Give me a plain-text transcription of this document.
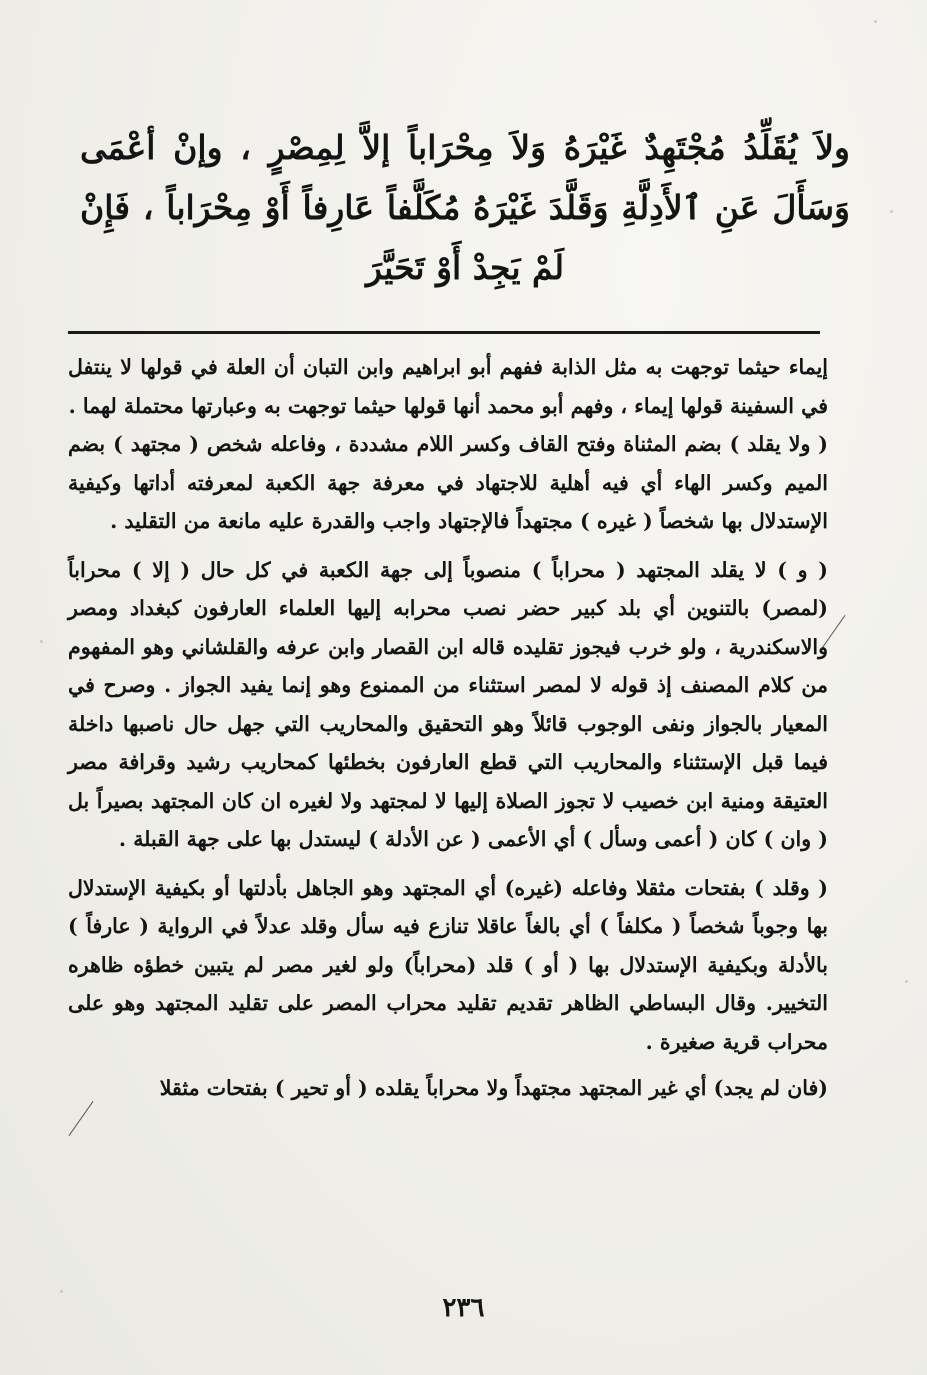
ولاَ يُقَلِّدُ مُجْتَهِدٌ غَيْرَهُ وَلاَ مِحْرَاباً إلاَّ لِمِصْرٍ ، وإنْ أعْمَى وَسَأَلَ عَنِ ٱلأَدِلَّةِ وَقَلَّدَ غَيْرَهُ مُكَلَّفاً عَارِفاً أَوْ مِحْرَاباً ، فَإِنْ لَمْ يَجِدْ أَوْ تَحَيَّرَ

إيماء حيثما توجهت به مثل الذابة ففهم أبو ابراهيم وابن التبان أن العلة في قولها لا ينتفل في السفينة قولها إيماء ، وفهم أبو محمد أنها قولها حيثما توجهت به وعبارتها محتملة لهما .

( ولا يقلد ) بضم المثناة وفتح القاف وكسر اللام مشددة ، وفاعله شخص ( مجتهد ) بضم الميم وكسر الهاء أي فيه أهلية للاجتهاد في معرفة جهة الكعبة لمعرفته أداتها وكيفية الإستدلال بها شخصاً ( غيره ) مجتهداً فالإجتهاد واجب والقدرة عليه مانعة من التقليد .

( و ) لا يقلد المجتهد ( محراباً ) منصوباً إلى جهة الكعبة في كل حال ( إلا ) محراباً (لمصر) بالتنوين أي بلد كبير حضر نصب محرابه إليها العلماء العارفون كبغداد ومصر والاسكندرية ، ولو خرب فيجوز تقليده قاله ابن القصار وابن عرفه والقلشاني وهو المفهوم من كلام المصنف إذ قوله لا لمصر استثناء من الممنوع وهو إنما يفيد الجواز . وصرح في المعيار بالجواز ونفى الوجوب قائلاً وهو التحقيق والمحاريب التي جهل حال ناصبها داخلة فيما قبل الإستثناء والمحاريب التي قطع العارفون بخطئها كمحاريب رشيد وقرافة مصر العتيقة ومنية ابن خصيب لا تجوز الصلاة إليها لا لمجتهد ولا لغيره ان كان المجتهد بصيراً بل ( وان ) كان ( أعمى وسأل ) أي الأعمى ( عن الأدلة ) ليستدل بها على جهة القبلة .

( وقلد ) بفتحات مثقلا وفاعله (غيره) أي المجتهد وهو الجاهل بأدلتها أو بكيفية الإستدلال بها وجوباً شخصاً ( مكلفاً ) أي بالغاً عاقلا تنازع فيه سأل وقلد عدلاً في الرواية ( عارفاً ) بالأدلة وبكيفية الإستدلال بها ( أو ) قلد (محراباً) ولو لغير مصر لم يتبين خطؤه ظاهره التخيير. وقال البساطي الظاهر تقديم تقليد محراب المصر على تقليد المجتهد وهو على محراب قرية صغيرة .

(فان لم يجد) أي غير المجتهد مجتهداً ولا محراباً يقلده ( أو تحير ) بفتحات مثقلا

٢٣٦
